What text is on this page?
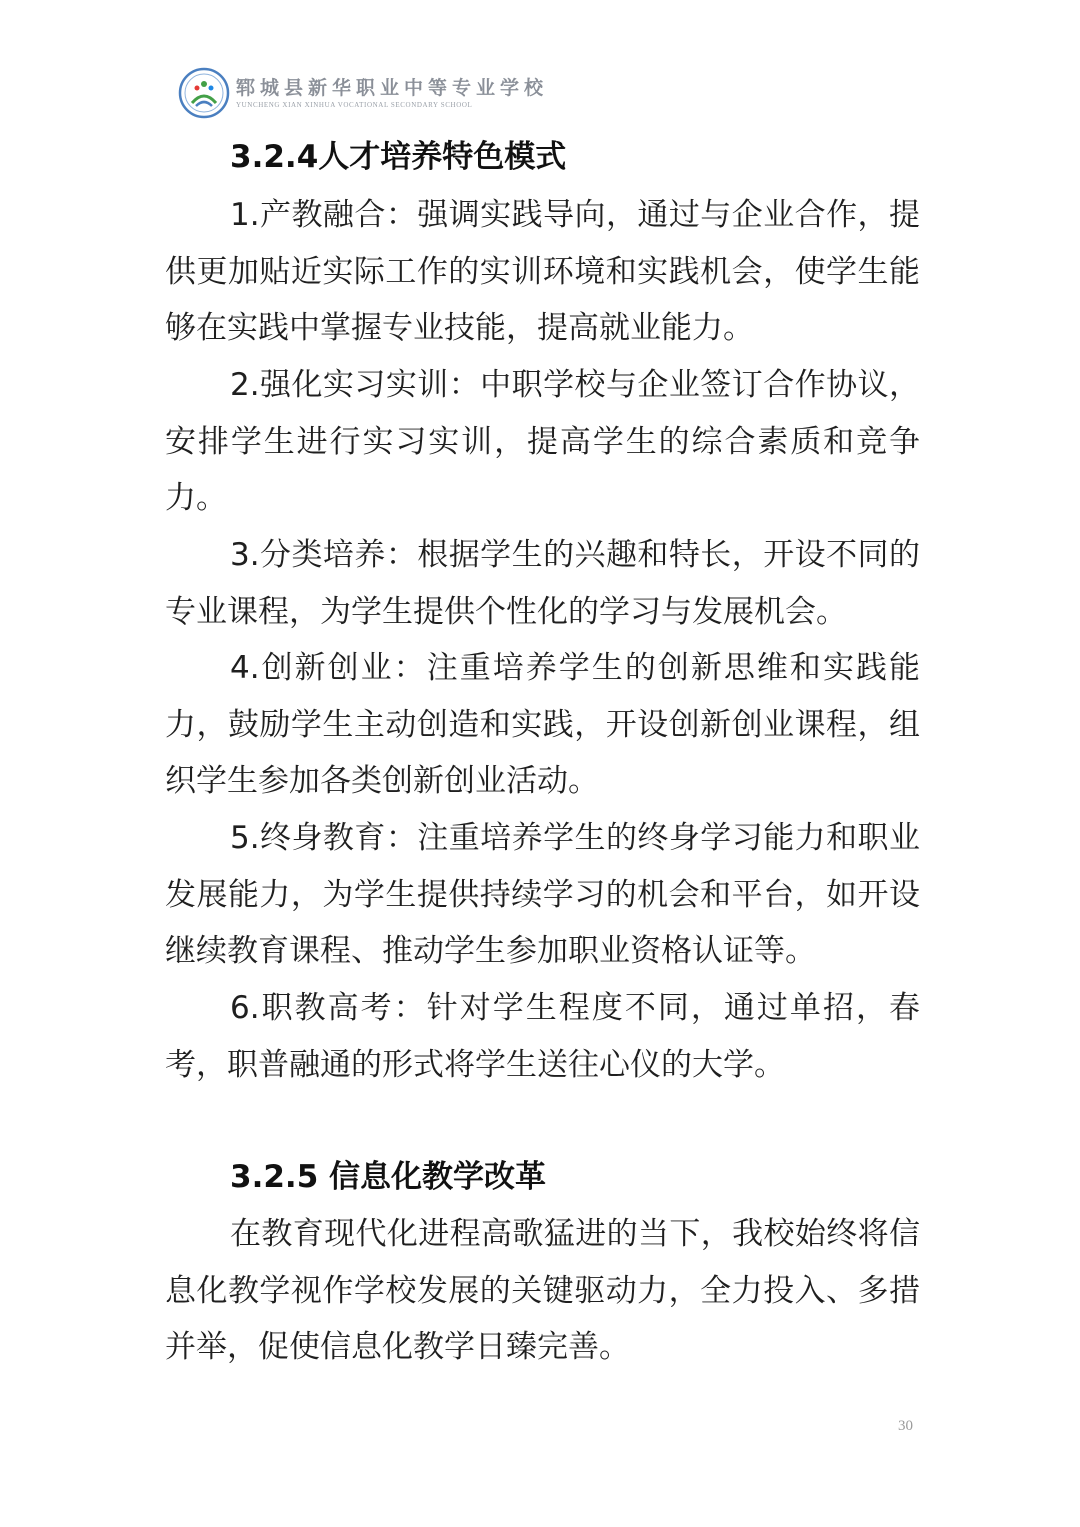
郓城县新华职业中等专业学校
YUNCHENG XIAN XINHUA VOCATIONAL SECONDARY SCHOOL
3.2.4人才培养特色模式

1.产教融合：强调实践导向，通过与企业合作，提供更加贴近实际工作的实训环境和实践机会，使学生能够在实践中掌握专业技能，提高就业能力。

2.强化实习实训：中职学校与企业签订合作协议，安排学生进行实习实训，提高学生的综合素质和竞争力。

3.分类培养：根据学生的兴趣和特长，开设不同的专业课程，为学生提供个性化的学习与发展机会。

4.创新创业：注重培养学生的创新思维和实践能力，鼓励学生主动创造和实践，开设创新创业课程，组织学生参加各类创新创业活动。

5.终身教育：注重培养学生的终身学习能力和职业发展能力，为学生提供持续学习的机会和平台，如开设继续教育课程、推动学生参加职业资格认证等。

6.职教高考：针对学生程度不同，通过单招，春考，职普融通的形式将学生送往心仪的大学。

3.2.5 信息化教学改革

在教育现代化进程高歌猛进的当下，我校始终将信息化教学视作学校发展的关键驱动力，全力投入、多措并举，促使信息化教学日臻完善。

30
